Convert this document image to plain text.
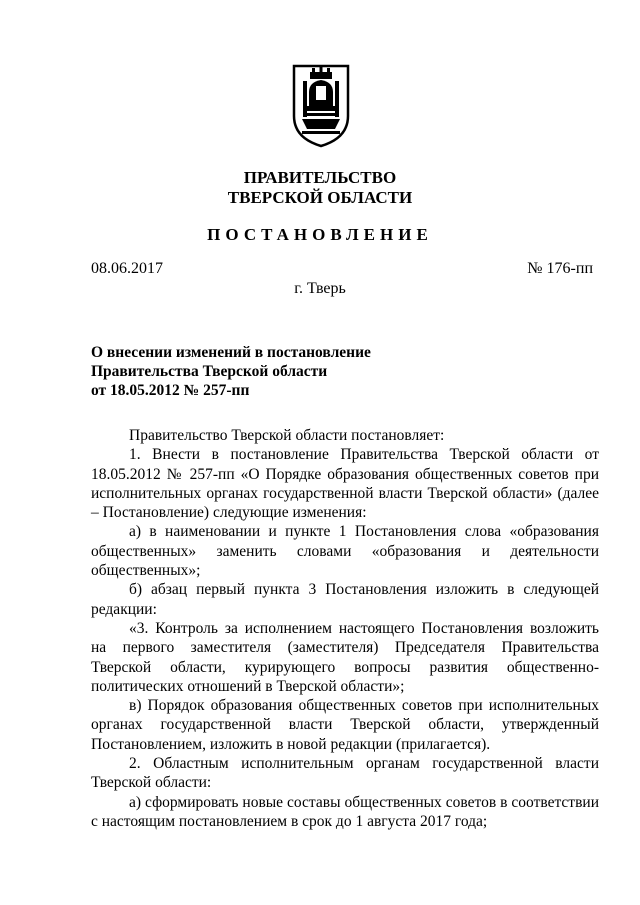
ПРАВИТЕЛЬСТВО
ТВЕРСКОЙ ОБЛАСТИ
ПОСТАНОВЛЕНИЕ
08.06.2017	№ 176-пп
г. Тверь
О внесении изменений в постановление
Правительства Тверской области
от 18.05.2012 № 257-пп

Правительство Тверской области постановляет:

1. Внести в постановление Правительства Тверской области от 18.05.2012 № 257-пп «О Порядке образования общественных советов при исполнительных органах государственной власти Тверской области» (далее – Постановление) следующие изменения:

а) в наименовании и пункте 1 Постановления слова «образования общественных» заменить словами «образования и деятельности общественных»;

б) абзац первый пункта 3 Постановления изложить в следующей редакции:

«3. Контроль за исполнением настоящего Постановления возложить на первого заместителя (заместителя) Председателя Правительства Тверской области, курирующего вопросы развития общественно-политических отношений в Тверской области»;

в) Порядок образования общественных советов при исполнительных органах государственной власти Тверской области, утвержденный Постановлением, изложить в новой редакции (прилагается).

2. Областным исполнительным органам государственной власти Тверской области:

а) сформировать новые составы общественных советов в соответствии с настоящим постановлением в срок до 1 августа 2017 года;
